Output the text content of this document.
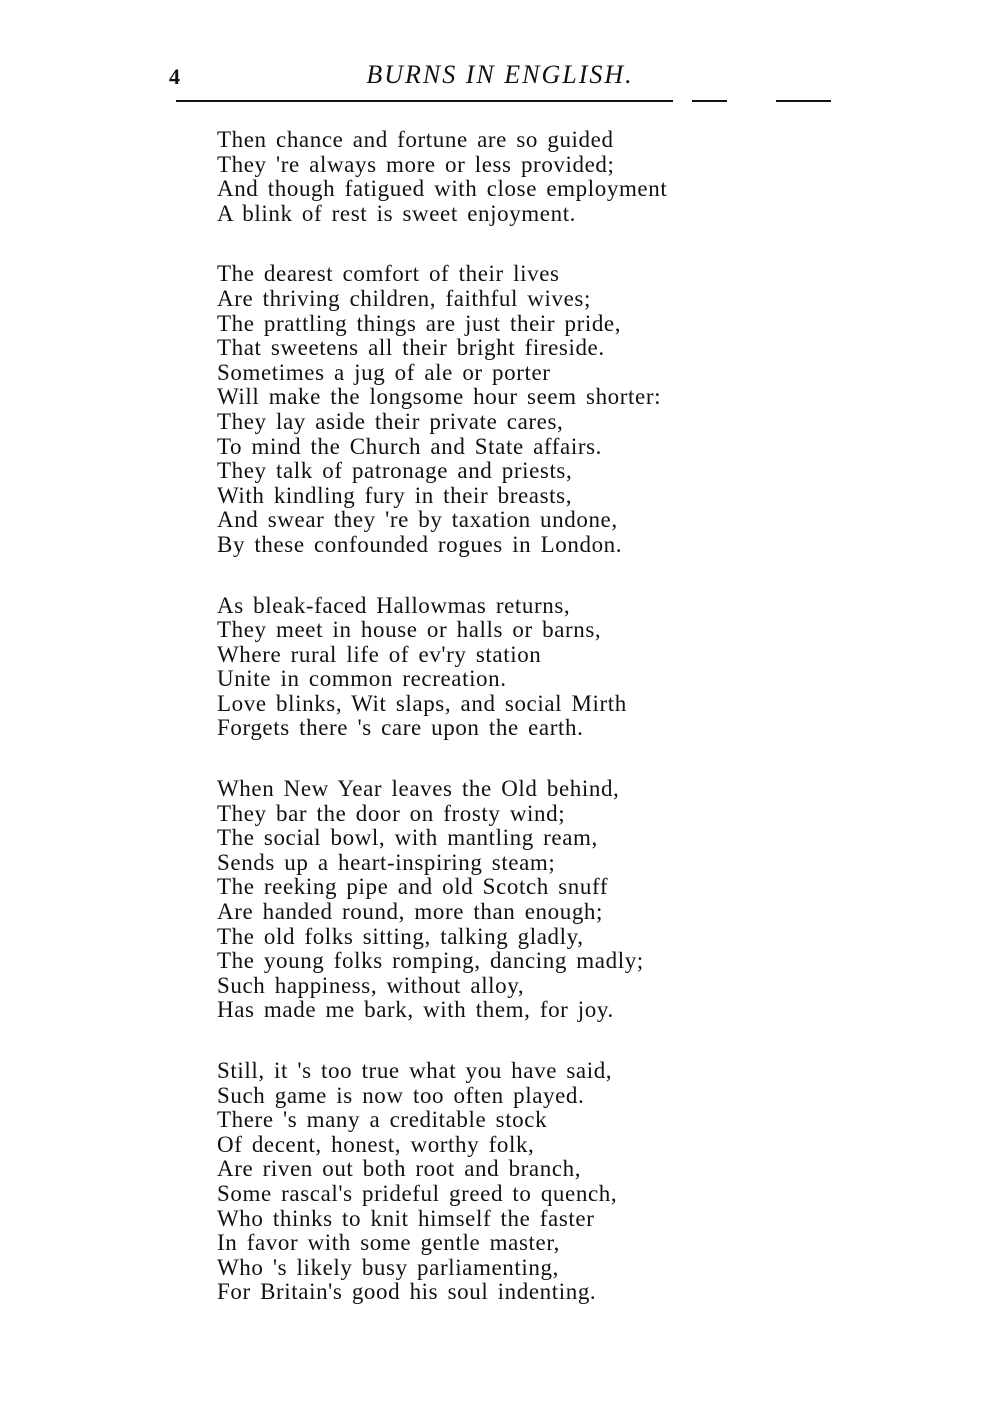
4	BURNS IN ENGLISH.
Then chance and fortune are so guided
They 're always more or less provided;
And though fatigued with close employment
A blink of rest is sweet enjoyment.
The dearest comfort of their lives
Are thriving children, faithful wives;
The prattling things are just their pride,
That sweetens all their bright fireside.
Sometimes a jug of ale or porter
Will make the longsome hour seem shorter:
They lay aside their private cares,
To mind the Church and State affairs.
They talk of patronage and priests,
With kindling fury in their breasts,
And swear they 're by taxation undone,
By these confounded rogues in London.
As bleak-faced Hallowmas returns,
They meet in house or halls or barns,
Where rural life of ev'ry station
Unite in common recreation.
Love blinks, Wit slaps, and social Mirth
Forgets there 's care upon the earth.
When New Year leaves the Old behind,
They bar the door on frosty wind;
The social bowl, with mantling ream,
Sends up a heart-inspiring steam;
The reeking pipe and old Scotch snuff
Are handed round, more than enough;
The old folks sitting, talking gladly,
The young folks romping, dancing madly;
Such happiness, without alloy,
Has made me bark, with them, for joy.
Still, it 's too true what you have said,
Such game is now too often played.
There 's many a creditable stock
Of decent, honest, worthy folk,
Are riven out both root and branch,
Some rascal's prideful greed to quench,
Who thinks to knit himself the faster
In favor with some gentle master,
Who 's likely busy parliamenting,
For Britain's good his soul indenting.
